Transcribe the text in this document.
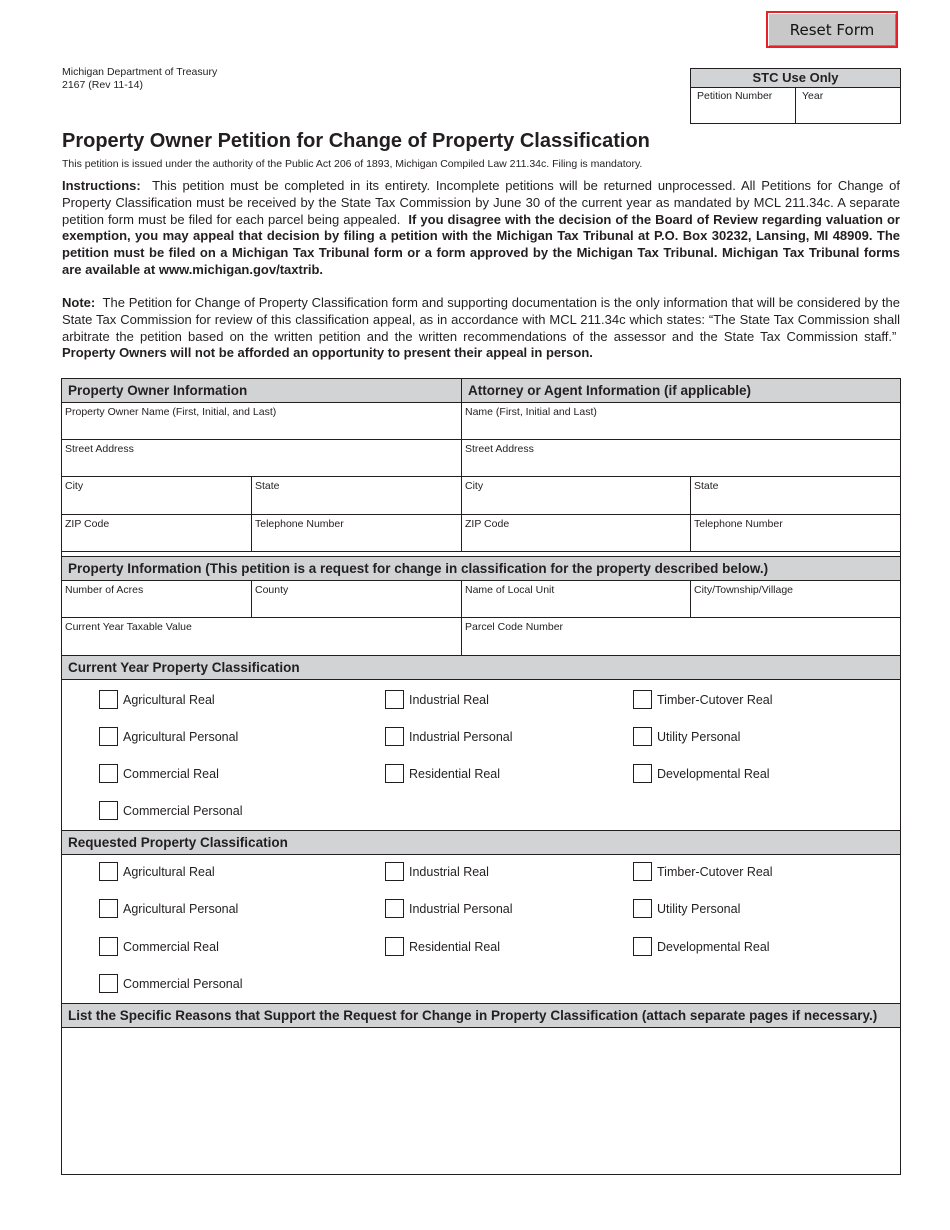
Reset Form
Michigan Department of Treasury
2167 (Rev 11-14)	STC Use Only
Petition Number	Year
Property Owner Petition for Change of Property Classification
This petition is issued under the authority of the Public Act 206 of 1893, Michigan Compiled Law 211.34c. Filing is mandatory.

Instructions: This petition must be completed in its entirety. Incomplete petitions will be returned unprocessed. All Petitions for Change of Property Classification must be received by the State Tax Commission by June 30 of the current year as mandated by MCL 211.34c. A separate petition form must be filed for each parcel being appealed. If you disagree with the decision of the Board of Review regarding valuation or exemption, you may appeal that decision by filing a petition with the Michigan Tax Tribunal at P.O. Box 30232, Lansing, MI 48909. The petition must be filed on a Michigan Tax Tribunal form or a form approved by the Michigan Tax Tribunal. Michigan Tax Tribunal forms are available at www.michigan.gov/taxtrib.

Note: The Petition for Change of Property Classification form and supporting documentation is the only information that will be considered by the State Tax Commission for review of this classification appeal, as in accordance with MCL 211.34c which states: “The State Tax Commission shall arbitrate the petition based on the written petition and the written recommendations of the assessor and the State Tax Commission staff.”  Property Owners will not be afforded an opportunity to present their appeal in person.

Property Owner Information	Attorney or Agent Information (if applicable)
Property Owner Name (First, Initial, and Last)	Name (First, Initial and Last)
Street Address	Street Address
City	State	City	State
ZIP Code	Telephone Number	ZIP Code	Telephone Number
Property Information (This petition is a request for change in classification for the property described below.)
Number of Acres	County	Name of Local Unit	City/Township/Village
Current Year Taxable Value	Parcel Code Number
Current Year Property Classification
Agricultural Real	Industrial Real	Timber-Cutover Real
Agricultural Personal	Industrial Personal	Utility Personal
Commercial Real	Residential Real	Developmental Real
Commercial Personal
Requested Property Classification
Agricultural Real	Industrial Real	Timber-Cutover Real
Agricultural Personal	Industrial Personal	Utility Personal
Commercial Real	Residential Real	Developmental Real
Commercial Personal
List the Specific Reasons that Support the Request for Change in Property Classification (attach separate pages if necessary.)
